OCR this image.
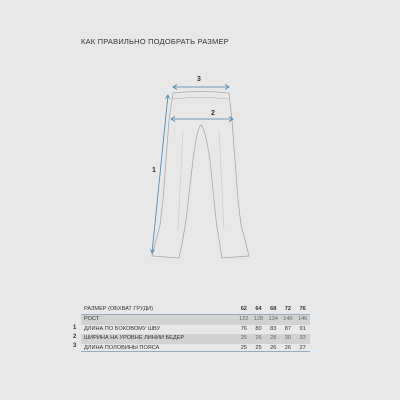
КАК ПРАВИЛЬНО ПОДОБРАТЬ РАЗМЕР
3
2
1
РАЗМЕР (ОБХВАТ ГРУДИ)	62	64	68	72	76
РОСТ	122	128	134	140	146
ДЛИНА ПО БОКОВОМУ ШВУ	76	80	83	87	91
ШИРИНА НА УРОВНЕ ЛИНИИ БЕДЕР	25	26	28	30	33
ДЛИНА ПОЛОВИНЫ ПОЯСА	25	25	26	26	27
1
2
3
